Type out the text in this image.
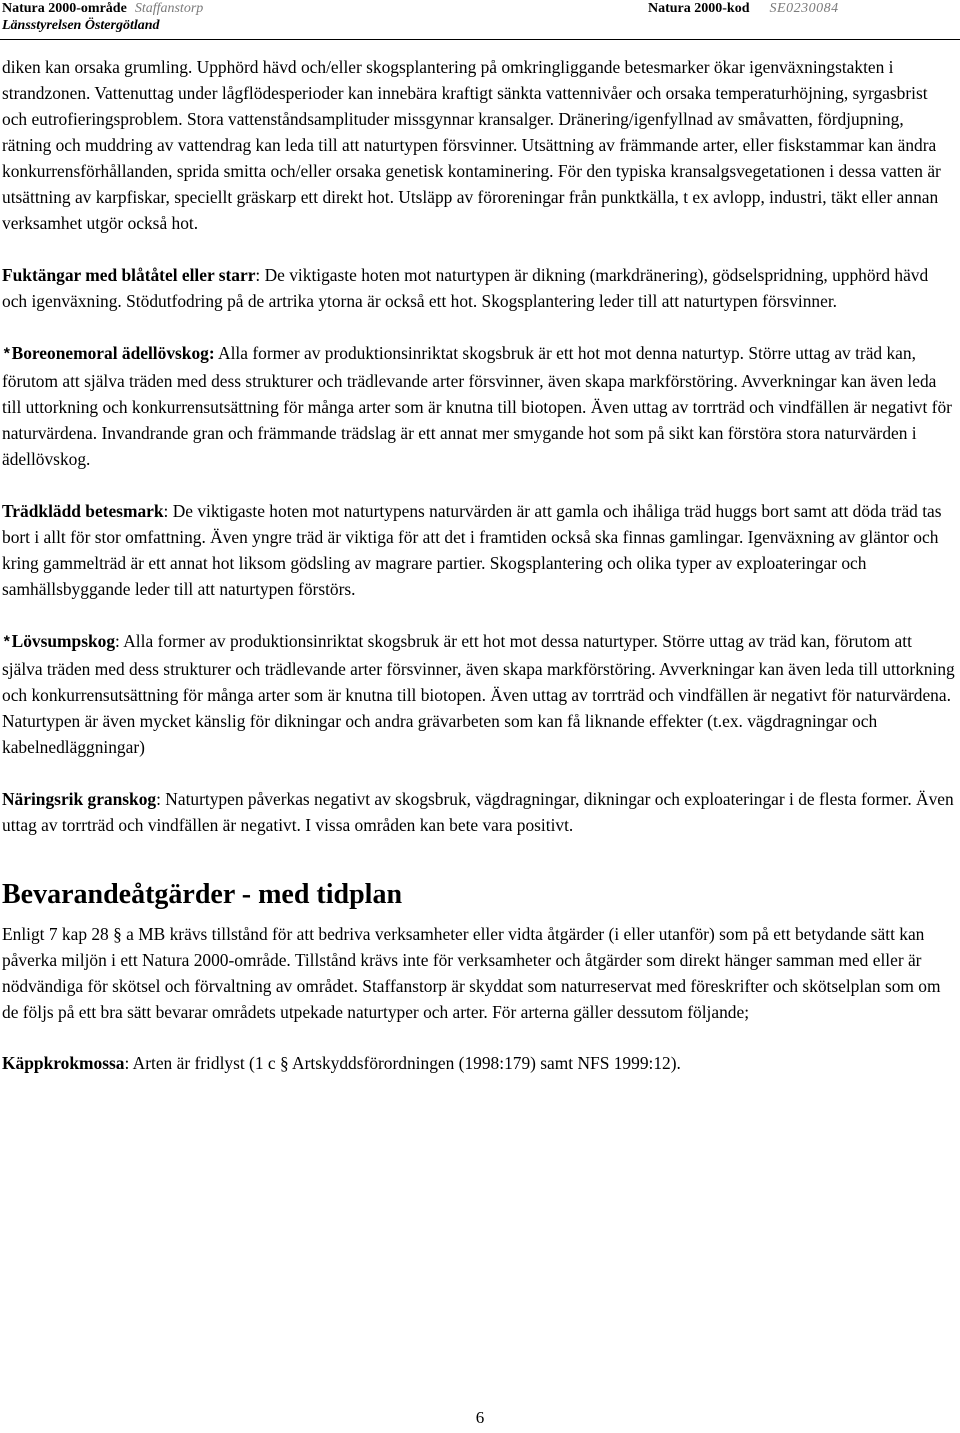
Natura 2000-område Staffanstorp
Länsstyrelsen Östergötland
Natura 2000-kod SE0230084

diken kan orsaka grumling. Upphörd hävd och/eller skogsplantering på omkringliggande betesmarker ökar igenväxningstakten i strandzonen. Vattenuttag under lågflödesperioder kan innebära kraftigt sänkta vattennivåer och orsaka temperaturhöjning, syrgasbrist och eutrofieringsproblem. Stora vattenståndsamplituder missgynnar kransalger. Dränering/igenfyllnad av småvatten, fördjupning, rätning och muddring av vattendrag kan leda till att naturtypen försvinner. Utsättning av främmande arter, eller fiskstammar kan ändra konkurrensförhållanden, sprida smitta och/eller orsaka genetisk kontaminering. För den typiska kransalgsvegetationen i dessa vatten är utsättning av karpfiskar, speciellt gräskarp ett direkt hot. Utsläpp av föroreningar från punktkälla, t ex avlopp, industri, täkt eller annan verksamhet utgör också hot.

Fuktängar med blåtåtel eller starr: De viktigaste hoten mot naturtypen är dikning (markdränering), gödselspridning, upphörd hävd och igenväxning. Stödutfodring på de artrika ytorna är också ett hot. Skogsplantering leder till att naturtypen försvinner.

*Boreonemoral ädellövskog: Alla former av produktionsinriktat skogsbruk är ett hot mot denna naturtyp. Större uttag av träd kan, förutom att själva träden med dess strukturer och trädlevande arter försvinner, även skapa markförstöring. Avverkningar kan även leda till uttorkning och konkurrensutsättning för många arter som är knutna till biotopen. Även uttag av torrträd och vindfällen är negativt för naturvärdena. Invandrande gran och främmande trädslag är ett annat mer smygande hot som på sikt kan förstöra stora naturvärden i ädellövskog.

Trädklädd betesmark: De viktigaste hoten mot naturtypens naturvärden är att gamla och ihåliga träd huggs bort samt att döda träd tas bort i allt för stor omfattning. Även yngre träd är viktiga för att det i framtiden också ska finnas gamlingar. Igenväxning av gläntor och kring gammelträd är ett annat hot liksom gödsling av magrare partier. Skogsplantering och olika typer av exploateringar och samhällsbyggande leder till att naturtypen förstörs.

*Lövsumpskog: Alla former av produktionsinriktat skogsbruk är ett hot mot dessa naturtyper. Större uttag av träd kan, förutom att själva träden med dess strukturer och trädlevande arter försvinner, även skapa markförstöring. Avverkningar kan även leda till uttorkning och konkurrensutsättning för många arter som är knutna till biotopen. Även uttag av torrträd och vindfällen är negativt för naturvärdena. Naturtypen är även mycket känslig för dikningar och andra grävarbeten som kan få liknande effekter (t.ex. vägdragningar och kabelnedläggningar)

Näringsrik granskog: Naturtypen påverkas negativt av skogsbruk, vägdragningar, dikningar och exploateringar i de flesta former. Även uttag av torrträd och vindfällen är negativt. I vissa områden kan bete vara positivt.

Bevarandeåtgärder - med tidplan

Enligt 7 kap 28 § a MB krävs tillstånd för att bedriva verksamheter eller vidta åtgärder (i eller utanför) som på ett betydande sätt kan påverka miljön i ett Natura 2000-område. Tillstånd krävs inte för verksamheter och åtgärder som direkt hänger samman med eller är nödvändiga för skötsel och förvaltning av området. Staffanstorp är skyddat som naturreservat med föreskrifter och skötselplan som om de följs på ett bra sätt bevarar områdets utpekade naturtyper och arter. För arterna gäller dessutom följande;

Käppkrokmossa: Arten är fridlyst (1 c § Artskyddsförordningen (1998:179) samt NFS 1999:12).

6
